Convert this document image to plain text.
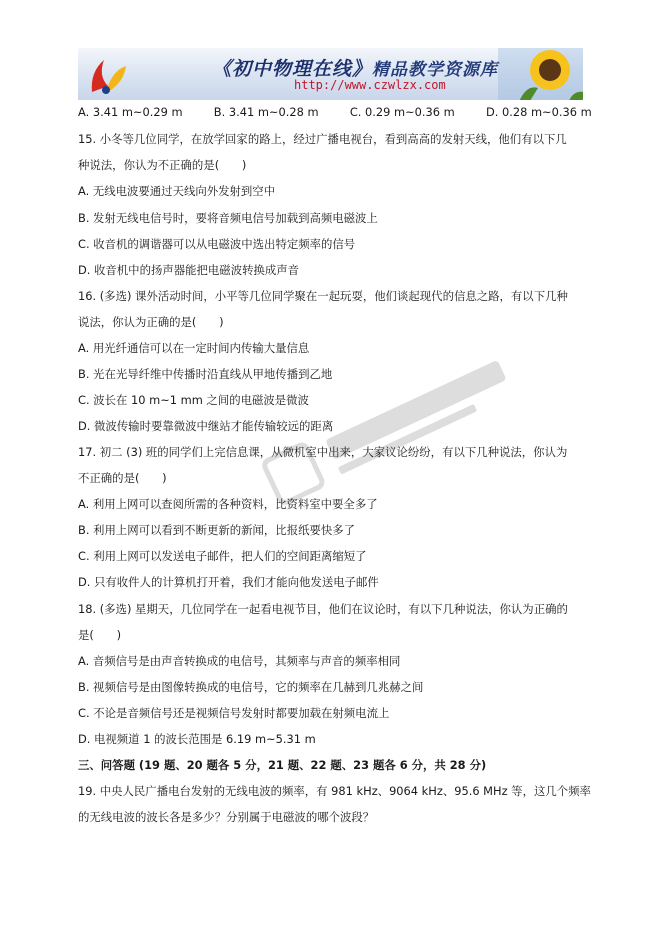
《初中物理在线》精品教学资源库
http://www.czwlzx.com
A. 3.41 m~0.29 m	B. 3.41 m~0.28 m	C. 0.29 m~0.36 m	D. 0.28 m~0.36 m
15. 小冬等几位同学，在放学回家的路上，经过广播电视台，看到高高的发射天线，他们有以下几
种说法，你认为不正确的是(　　)
A. 无线电波要通过天线向外发射到空中
B. 发射无线电信号时，要将音频电信号加载到高频电磁波上
C. 收音机的调谐器可以从电磁波中选出特定频率的信号
D. 收音机中的扬声器能把电磁波转换成声音
16. (多选) 课外活动时间，小平等几位同学聚在一起玩耍，他们谈起现代的信息之路，有以下几种
说法，你认为正确的是(　　)
A. 用光纤通信可以在一定时间内传输大量信息
B. 光在光导纤维中传播时沿直线从甲地传播到乙地
C. 波长在 10 m~1 mm 之间的电磁波是微波
D. 微波传输时要靠微波中继站才能传输较远的距离
17. 初二 (3) 班的同学们上完信息课，从微机室中出来，大家议论纷纷，有以下几种说法，你认为
不正确的是(　　)
A. 利用上网可以查阅所需的各种资料，比资料室中要全多了
B. 利用上网可以看到不断更新的新闻，比报纸要快多了
C. 利用上网可以发送电子邮件，把人们的空间距离缩短了
D. 只有收件人的计算机打开着，我们才能向他发送电子邮件
18. (多选) 星期天，几位同学在一起看电视节目，他们在议论时，有以下几种说法，你认为正确的
是(　　)
A. 音频信号是由声音转换成的电信号，其频率与声音的频率相同
B. 视频信号是由图像转换成的电信号，它的频率在几赫到几兆赫之间
C. 不论是音频信号还是视频信号发射时都要加载在射频电流上
D. 电视频道 1 的波长范围是 6.19 m~5.31 m
三、问答题 (19 题、20 题各 5 分，21 题、22 题、23 题各 6 分，共 28 分)
19. 中央人民广播电台发射的无线电波的频率，有 981 kHz、9064 kHz、95.6 MHz 等，这几个频率
的无线电波的波长各是多少？分别属于电磁波的哪个波段？
